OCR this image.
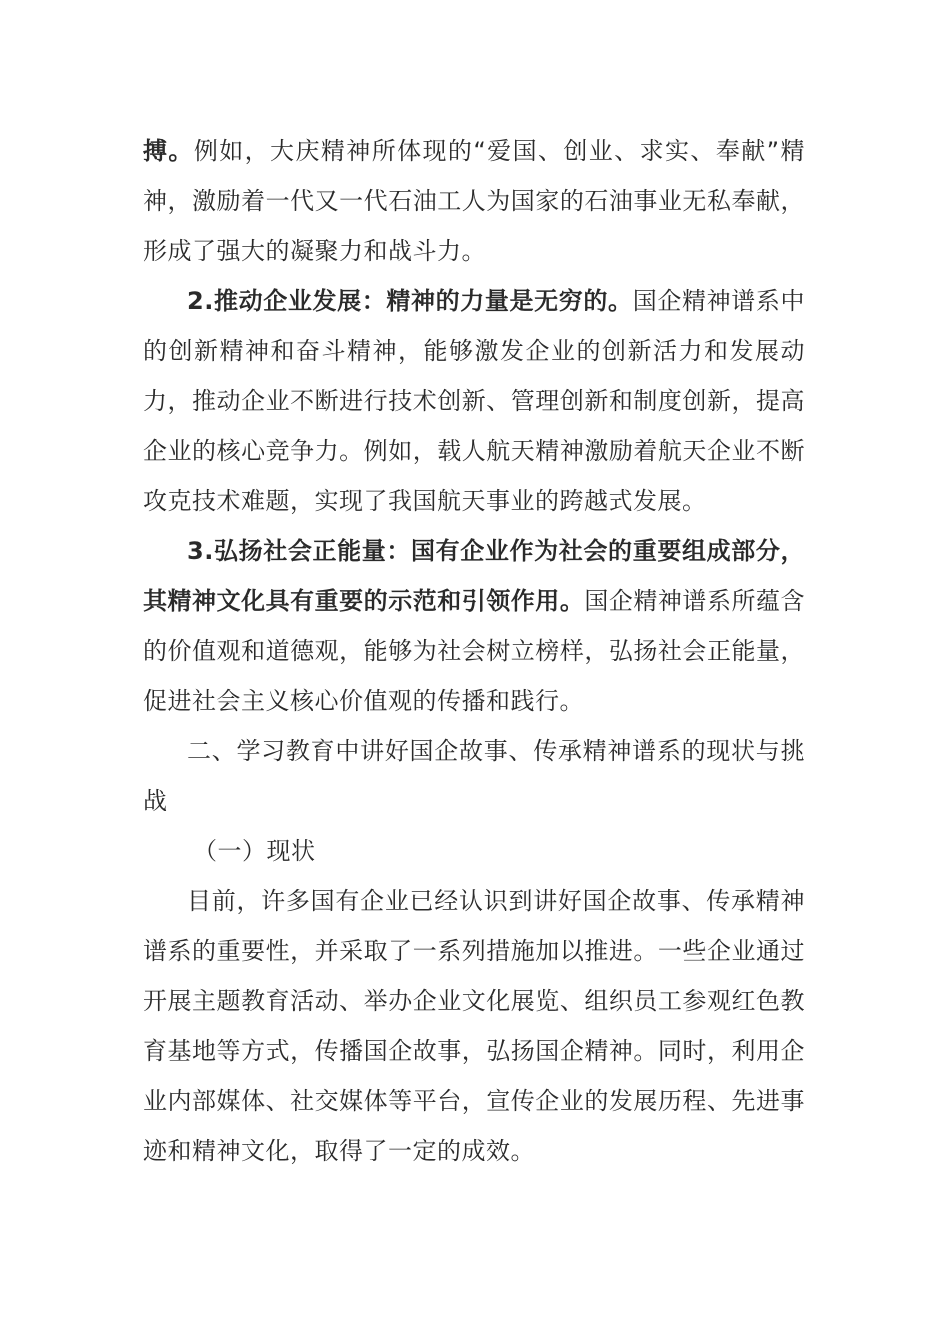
搏。例如，大庆精神所体现的“爱国、创业、求实、奉献”精神，激励着一代又一代石油工人为国家的石油事业无私奉献，形成了强大的凝聚力和战斗力。

2.推动企业发展：精神的力量是无穷的。国企精神谱系中的创新精神和奋斗精神，能够激发企业的创新活力和发展动力，推动企业不断进行技术创新、管理创新和制度创新，提高企业的核心竞争力。例如，载人航天精神激励着航天企业不断攻克技术难题，实现了我国航天事业的跨越式发展。

3.弘扬社会正能量：国有企业作为社会的重要组成部分，其精神文化具有重要的示范和引领作用。国企精神谱系所蕴含的价值观和道德观，能够为社会树立榜样，弘扬社会正能量，促进社会主义核心价值观的传播和践行。

二、学习教育中讲好国企故事、传承精神谱系的现状与挑战

（一）现状

目前，许多国有企业已经认识到讲好国企故事、传承精神谱系的重要性，并采取了一系列措施加以推进。一些企业通过开展主题教育活动、举办企业文化展览、组织员工参观红色教育基地等方式，传播国企故事，弘扬国企精神。同时，利用企业内部媒体、社交媒体等平台，宣传企业的发展历程、先进事迹和精神文化，取得了一定的成效。
